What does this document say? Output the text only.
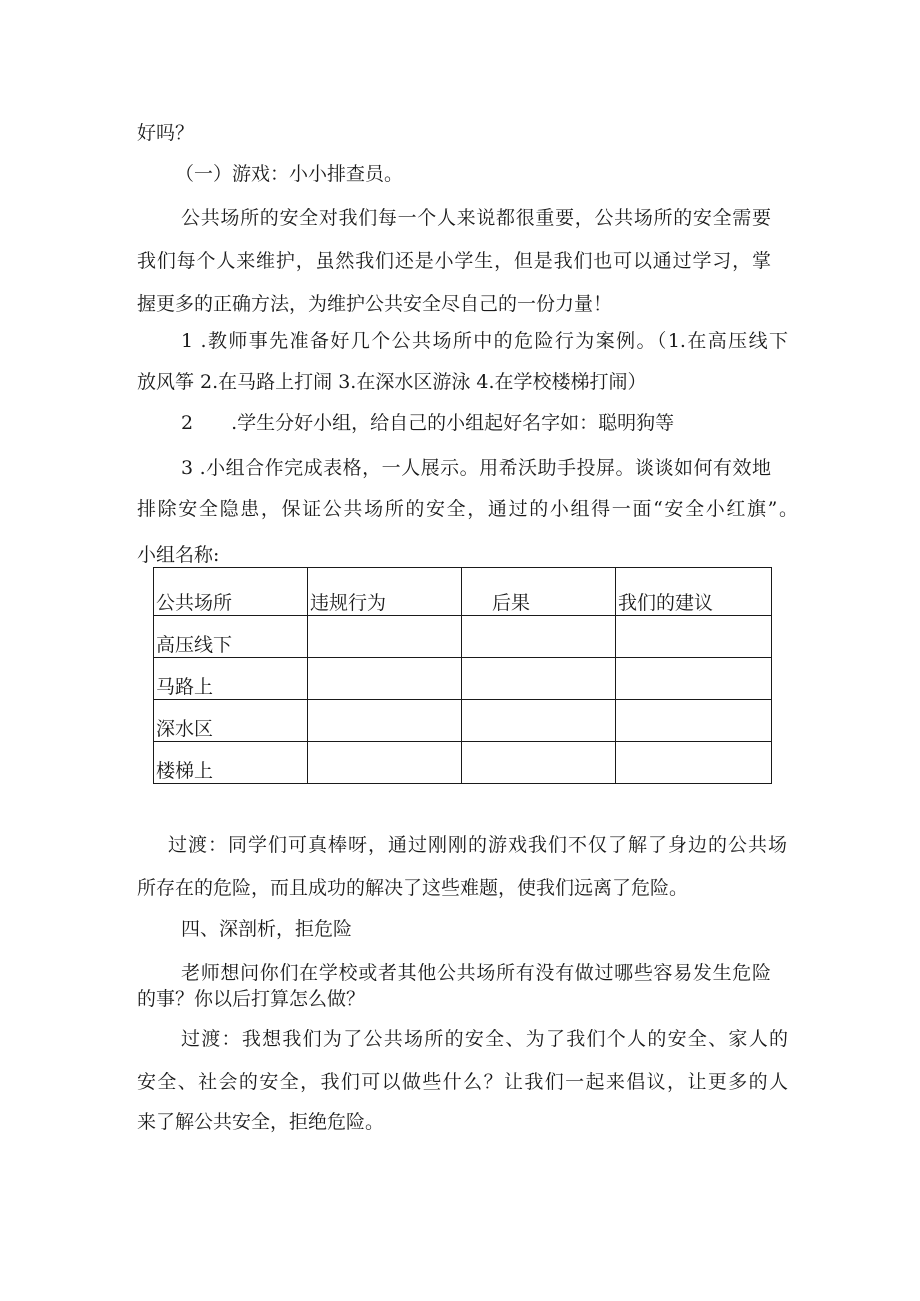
好吗？
（一）游戏：小小排查员。
公共场所的安全对我们每一个人来说都很重要，公共场所的安全需要
我们每个人来维护，虽然我们还是小学生，但是我们也可以通过学习，掌
握更多的正确方法，为维护公共安全尽自己的一份力量！
1 .教师事先准备好几个公共场所中的危险行为案例。（1.在高压线下
放风筝 2.在马路上打闹 3.在深水区游泳 4.在学校楼梯打闹）
2　　.学生分好小组，给自己的小组起好名字如：聪明狗等
3 .小组合作完成表格，一人展示。用希沃助手投屏。谈谈如何有效地
排除安全隐患，保证公共场所的安全，通过的小组得一面“安全小红旗”。
小组名称:
公共场所	违规行为	后果	我们的建议
高压线下			
马路上			
深水区			
楼梯上			
过渡：同学们可真棒呀，通过刚刚的游戏我们不仅了解了身边的公共场
所存在的危险，而且成功的解决了这些难题，使我们远离了危险。
四、深剖析，拒危险
老师想问你们在学校或者其他公共场所有没有做过哪些容易发生危险
的事？你以后打算怎么做？
过渡：我想我们为了公共场所的安全、为了我们个人的安全、家人的
安全、社会的安全，我们可以做些什么？让我们一起来倡议，让更多的人
来了解公共安全，拒绝危险。
